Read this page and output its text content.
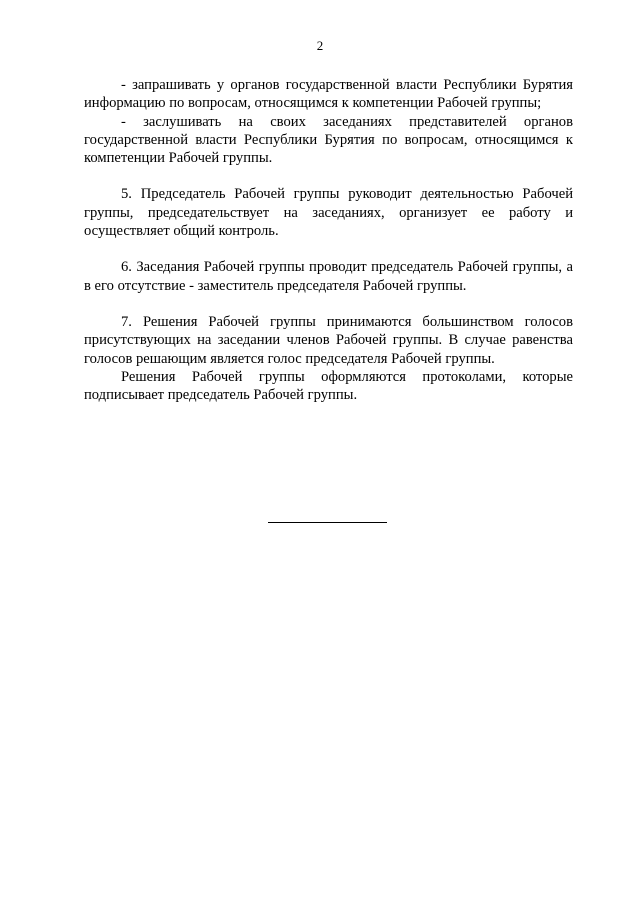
2

- запрашивать у органов государственной власти Республики Бурятия информацию по вопросам, относящимся к компетенции Рабочей группы;

- заслушивать на своих заседаниях представителей органов государственной власти Республики Бурятия по вопросам, относящимся к компетенции Рабочей группы.

5. Председатель Рабочей группы руководит деятельностью Рабочей группы, председательствует на заседаниях, организует ее работу и осуществляет общий контроль.

6. Заседания Рабочей группы проводит председатель Рабочей группы, а в его отсутствие - заместитель председателя Рабочей группы.

7. Решения Рабочей группы принимаются большинством голосов присутствующих на заседании членов Рабочей группы. В случае равенства голосов решающим является голос председателя Рабочей группы.

Решения Рабочей группы оформляются протоколами, которые подписывает председатель Рабочей группы.
